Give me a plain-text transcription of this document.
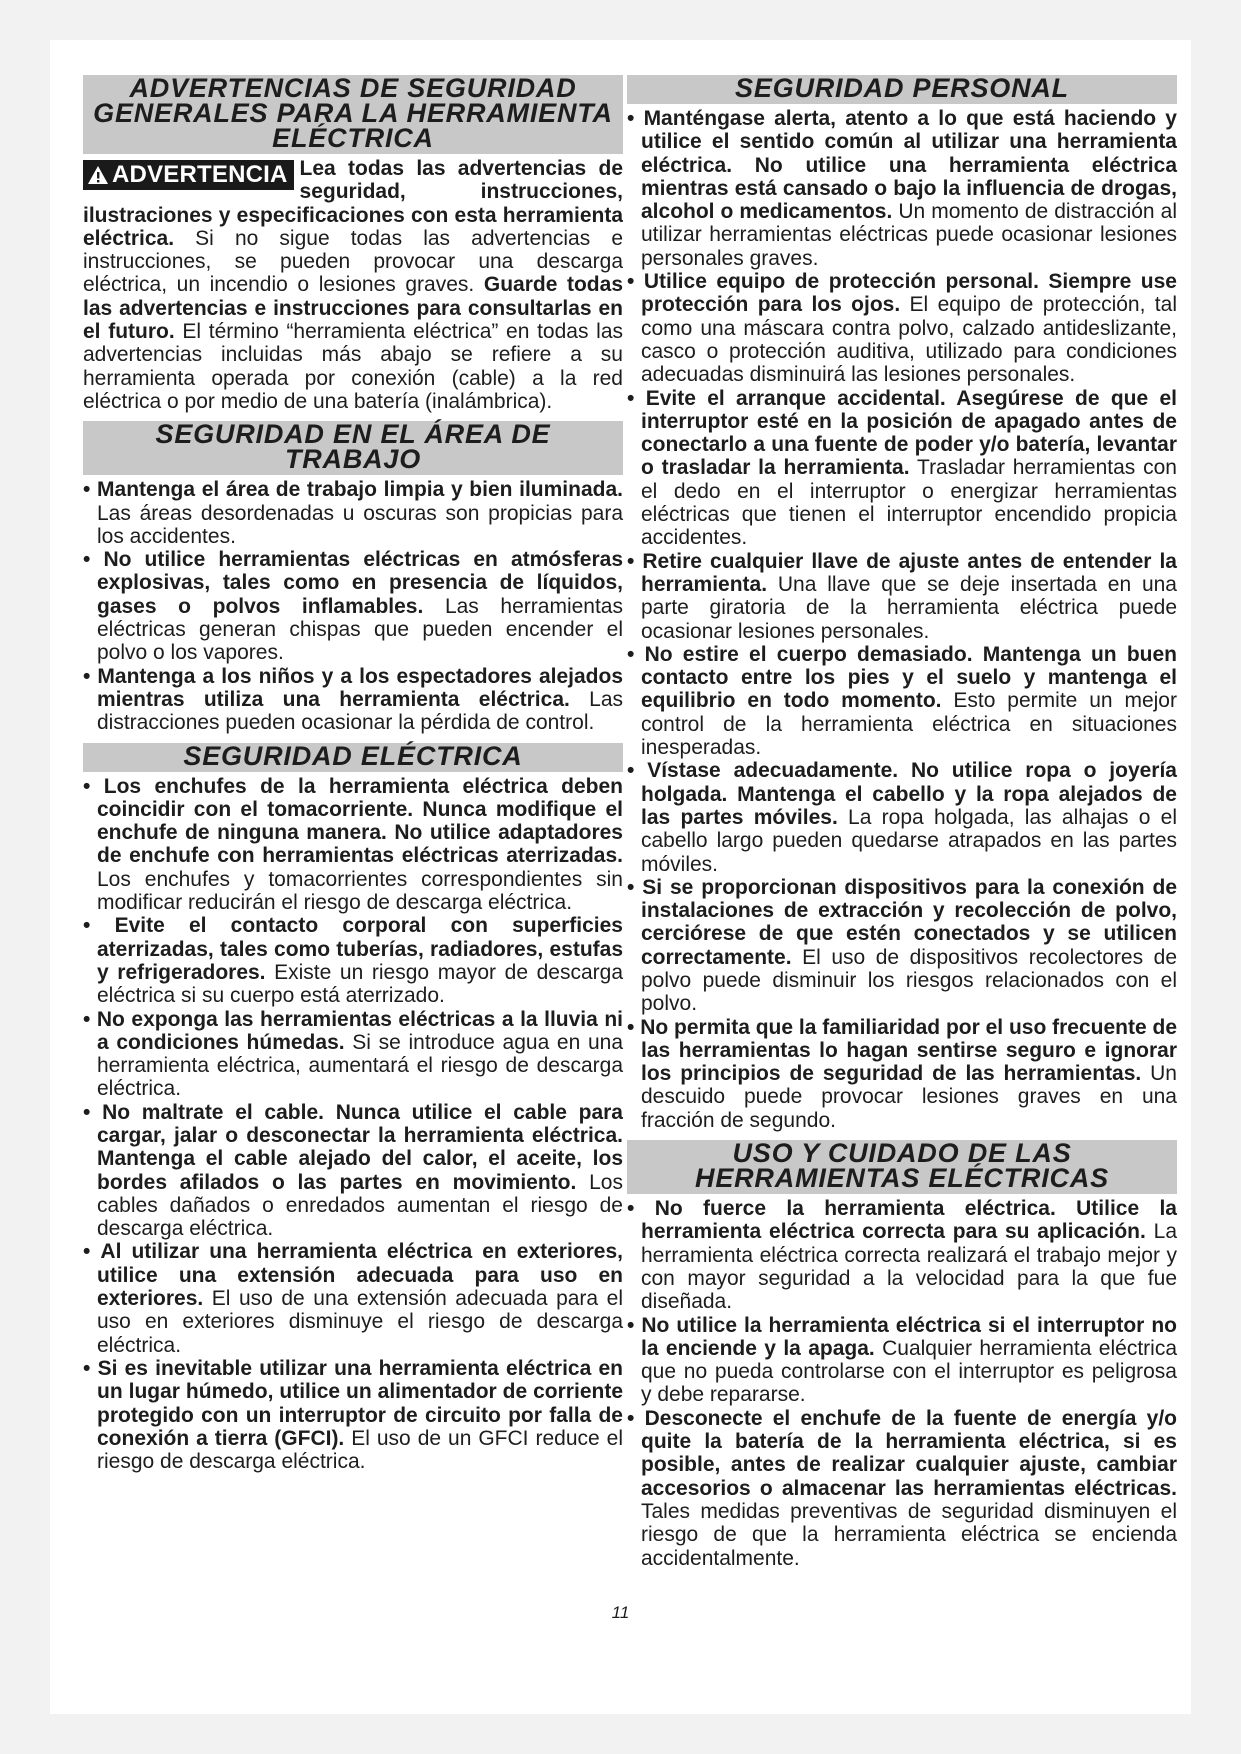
ADVERTENCIAS DE SEGURIDAD GENERALES PARA LA HERRAMIENTA ELÉCTRICA

ADVERTENCIA Lea todas las advertencias de seguridad, instrucciones, ilustraciones y especificaciones con esta herramienta eléctrica. Si no sigue todas las advertencias e instrucciones, se pueden provocar una descarga eléctrica, un incendio o lesiones graves. Guarde todas las advertencias e instrucciones para consultarlas en el futuro. El término “herramienta eléctrica” en todas las advertencias incluidas más abajo se refiere a su herramienta operada por conexión (cable) a la red eléctrica o por medio de una batería (inalámbrica).

SEGURIDAD EN EL ÁREA DE TRABAJO

• Mantenga el área de trabajo limpia y bien iluminada. Las áreas desordenadas u oscuras son propicias para los accidentes.

• No utilice herramientas eléctricas en atmósferas explosivas, tales como en presencia de líquidos, gases o polvos inflamables. Las herramientas eléctricas generan chispas que pueden encender el polvo o los vapores.

• Mantenga a los niños y a los espectadores alejados mientras utiliza una herramienta eléctrica. Las distracciones pueden ocasionar la pérdida de control.

SEGURIDAD ELÉCTRICA

• Los enchufes de la herramienta eléctrica deben coincidir con el tomacorriente. Nunca modifique el enchufe de ninguna manera. No utilice adaptadores de enchufe con herramientas eléctricas aterrizadas. Los enchufes y tomacorrientes correspondientes sin modificar reducirán el riesgo de descarga eléctrica.

• Evite el contacto corporal con superficies aterrizadas, tales como tuberías, radiadores, estufas y refrigeradores. Existe un riesgo mayor de descarga eléctrica si su cuerpo está aterrizado.

• No exponga las herramientas eléctricas a la lluvia ni a condiciones húmedas. Si se introduce agua en una herramienta eléctrica, aumentará el riesgo de descarga eléctrica.

• No maltrate el cable. Nunca utilice el cable para cargar, jalar o desconectar la herramienta eléctrica. Mantenga el cable alejado del calor, el aceite, los bordes afilados o las partes en movimiento. Los cables dañados o enredados aumentan el riesgo de descarga eléctrica.

• Al utilizar una herramienta eléctrica en exteriores, utilice una extensión adecuada para uso en exteriores. El uso de una extensión adecuada para el uso en exteriores disminuye el riesgo de descarga eléctrica.

• Si es inevitable utilizar una herramienta eléctrica en un lugar húmedo, utilice un alimentador de corriente protegido con un interruptor de circuito por falla de conexión a tierra (GFCI). El uso de un GFCI reduce el riesgo de descarga eléctrica.

SEGURIDAD PERSONAL

• Manténgase alerta, atento a lo que está haciendo y utilice el sentido común al utilizar una herramienta eléctrica. No utilice una herramienta eléctrica mientras está cansado o bajo la influencia de drogas, alcohol o medicamentos. Un momento de distracción al utilizar herramientas eléctricas puede ocasionar lesiones personales graves.

• Utilice equipo de protección personal. Siempre use protección para los ojos. El equipo de protección, tal como una máscara contra polvo, calzado antideslizante, casco o protección auditiva, utilizado para condiciones adecuadas disminuirá las lesiones personales.

• Evite el arranque accidental. Asegúrese de que el interruptor esté en la posición de apagado antes de conectarlo a una fuente de poder y/o batería, levantar o trasladar la herramienta. Trasladar herramientas con el dedo en el interruptor o energizar herramientas eléctricas que tienen el interruptor encendido propicia accidentes.

• Retire cualquier llave de ajuste antes de entender la herramienta. Una llave que se deje insertada en una parte giratoria de la herramienta eléctrica puede ocasionar lesiones personales.

• No estire el cuerpo demasiado. Mantenga un buen contacto entre los pies y el suelo y mantenga el equilibrio en todo momento. Esto permite un mejor control de la herramienta eléctrica en situaciones inesperadas.

• Vístase adecuadamente. No utilice ropa o joyería holgada. Mantenga el cabello y la ropa alejados de las partes móviles. La ropa holgada, las alhajas o el cabello largo pueden quedarse atrapados en las partes móviles.

• Si se proporcionan dispositivos para la conexión de instalaciones de extracción y recolección de polvo, cerciórese de que estén conectados y se utilicen correctamente. El uso de dispositivos recolectores de polvo puede disminuir los riesgos relacionados con el polvo.

• No permita que la familiaridad por el uso frecuente de las herramientas lo hagan sentirse seguro e ignorar los principios de seguridad de las herramientas. Un descuido puede provocar lesiones graves en una fracción de segundo.

USO Y CUIDADO DE LAS HERRAMIENTAS ELÉCTRICAS

• No fuerce la herramienta eléctrica. Utilice la herramienta eléctrica correcta para su aplicación. La herramienta eléctrica correcta realizará el trabajo mejor y con mayor seguridad a la velocidad para la que fue diseñada.

• No utilice la herramienta eléctrica si el interruptor no la enciende y la apaga. Cualquier herramienta eléctrica que no pueda controlarse con el interruptor es peligrosa y debe repararse.

• Desconecte el enchufe de la fuente de energía y/o quite la batería de la herramienta eléctrica, si es posible, antes de realizar cualquier ajuste, cambiar accesorios o almacenar las herramientas eléctricas. Tales medidas preventivas de seguridad disminuyen el riesgo de que la herramienta eléctrica se encienda accidentalmente.

11
